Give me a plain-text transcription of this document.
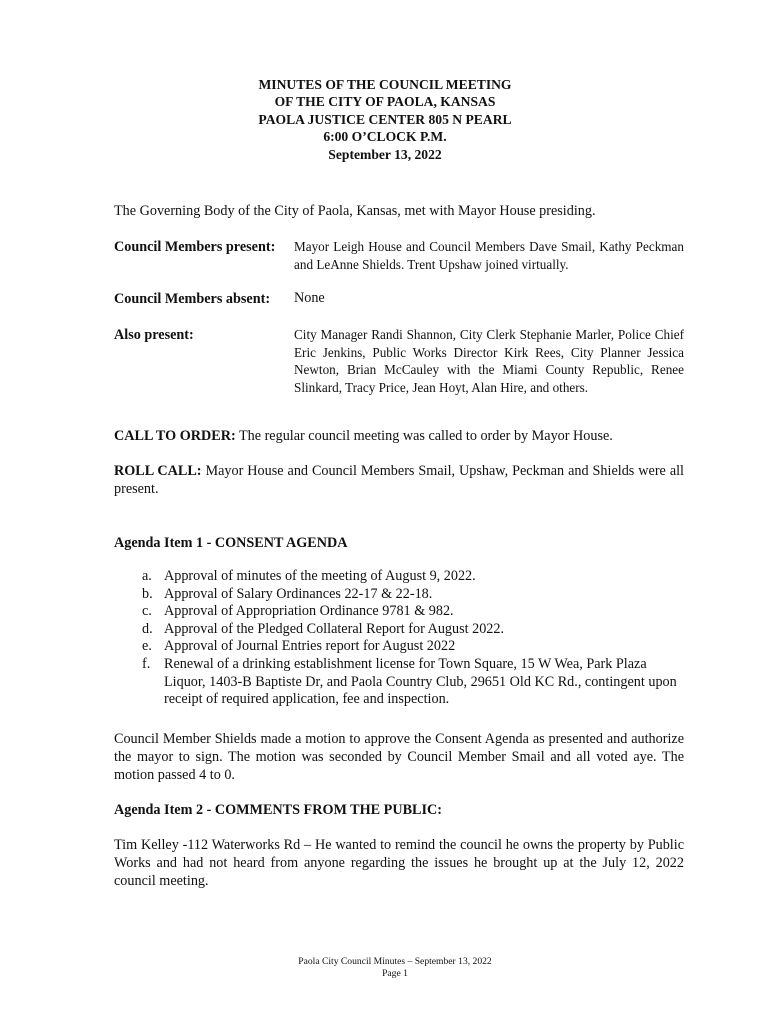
MINUTES OF THE COUNCIL MEETING
OF THE CITY OF PAOLA, KANSAS
PAOLA JUSTICE CENTER 805 N PEARL
6:00 O’CLOCK P.M.
September 13, 2022

The Governing Body of the City of Paola, Kansas, met with Mayor House presiding.

Council Members present: Mayor Leigh House and Council Members Dave Smail, Kathy Peckman and LeAnne Shields. Trent Upshaw joined virtually.
Council Members absent: None
Also present:	City Manager Randi Shannon, City Clerk Stephanie Marler, Police Chief Eric Jenkins, Public Works Director Kirk Rees, City Planner Jessica Newton, Brian McCauley with the Miami County Republic, Renee Slinkard, Tracy Price, Jean Hoyt, Alan Hire, and others.

CALL TO ORDER: The regular council meeting was called to order by Mayor House.

ROLL CALL: Mayor House and Council Members Smail, Upshaw, Peckman and Shields were all present.

Agenda Item 1 - CONSENT AGENDA

a. Approval of minutes of the meeting of August 9, 2022.
b. Approval of Salary Ordinances 22-17 & 22-18.
c. Approval of Appropriation Ordinance 9781 & 982.
d. Approval of the Pledged Collateral Report for August 2022.
e. Approval of Journal Entries report for August 2022
f. Renewal of a drinking establishment license for Town Square, 15 W Wea, Park Plaza Liquor, 1403-B Baptiste Dr, and Paola Country Club, 29651 Old KC Rd., contingent upon receipt of required application, fee and inspection.

Council Member Shields made a motion to approve the Consent Agenda as presented and authorize the mayor to sign. The motion was seconded by Council Member Smail and all voted aye. The motion passed 4 to 0.

Agenda Item 2 - COMMENTS FROM THE PUBLIC:

Tim Kelley -112 Waterworks Rd – He wanted to remind the council he owns the property by Public Works and had not heard from anyone regarding the issues he brought up at the July 12, 2022 council meeting.

Paola City Council Minutes – September 13, 2022
Page 1
